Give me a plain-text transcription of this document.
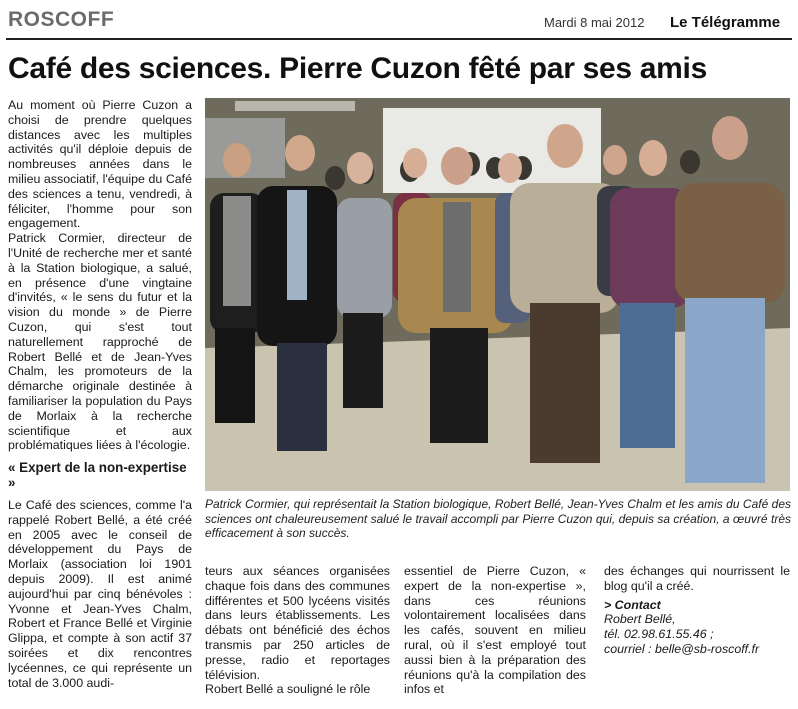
ROSCOFF	Mardi 8 mai 2012 Le Télégramme
Café des sciences. Pierre Cuzon fêté par ses amis

Au moment où Pierre Cuzon a choisi de prendre quelques distances avec les multiples activités qu'il déploie depuis de nombreuses années dans le milieu associatif, l'équipe du Café des sciences a tenu, vendredi, à féliciter, l'homme pour son engagement.

Patrick Cormier, directeur de l'Unité de recherche mer et santé à la Station biologique, a salué, en présence d'une vingtaine d'invités, « le sens du futur et la vision du monde » de Pierre Cuzon, qui s'est tout naturellement rapproché de Robert Bellé et de Jean-Yves Chalm, les promoteurs de la démarche originale destinée à familiariser la population du Pays de Morlaix à la recherche scientifique et aux problématiques liées à l'écologie.

« Expert de la non-expertise »

Le Café des sciences, comme l'a rappelé Robert Bellé, a été créé en 2005 avec le conseil de développement du Pays de Morlaix (association loi 1901 depuis 2009). Il est animé aujourd'hui par cinq bénévoles : Yvonne et Jean-Yves Chalm, Robert et France Bellé et Virginie Glippa, et compte à son actif 37 soirées et dix rencontres lycéennes, ce qui représente un total de 3.000 audi-

teurs aux séances organisées chaque fois dans des communes différentes et 500 lycéens visités dans leurs établissements. Les débats ont bénéficié des échos transmis par 250 articles de presse, radio et reportages télévision.

Robert Bellé a souligné le rôle

essentiel de Pierre Cuzon, « expert de la non-expertise », dans ces réunions volontairement localisées dans les cafés, souvent en milieu rural, où il s'est employé tout aussi bien à la préparation des réunions qu'à la compilation des infos et

des échanges qui nourrissent le blog qu'il a créé.

> Contact
Robert Bellé,
tél. 02.98.61.55.46 ;
courriel : belle@sb-roscoff.fr
Patrick Cormier, qui représentait la Station biologique, Robert Bellé, Jean-Yves Chalm et les amis du Café des sciences ont chaleureusement salué le travail accompli par Pierre Cuzon qui, depuis sa création, a œuvré très efficacement à son succès.
